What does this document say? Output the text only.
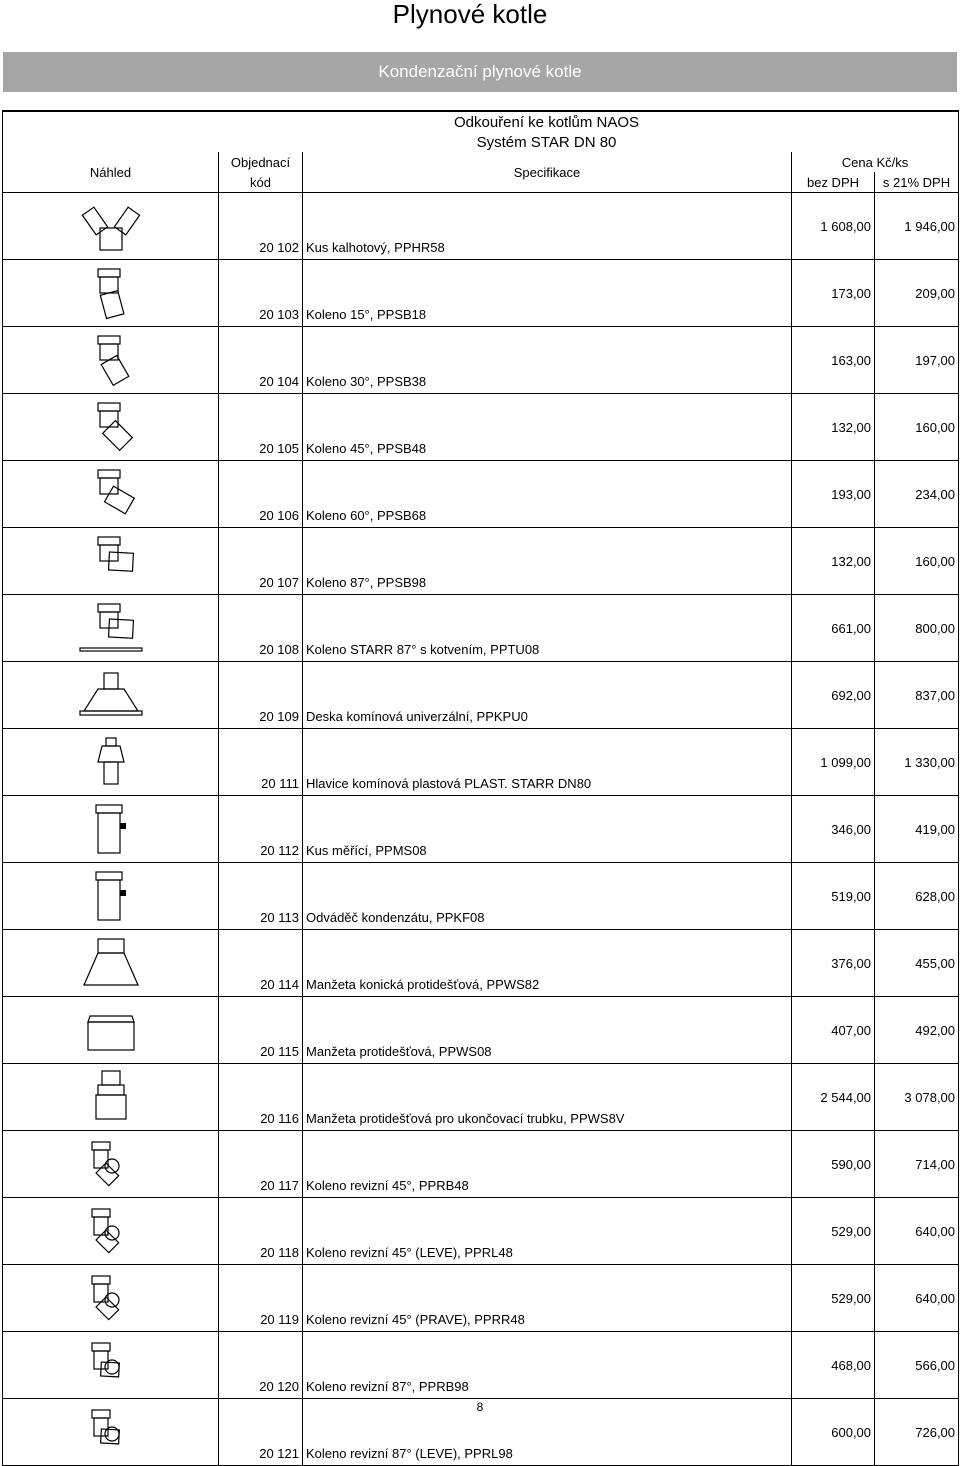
Plynové kotle
Kondenzační plynové kotle
	Odkouření ke kotlům NAOS			
	Systém STAR DN 80			
Náhled	Objednací	Specifikace	Cena Kč/ks	
	kód		bez DPH	s 21% DPH

	20 102	Kus kalhotový, PPHR58	1 608,00	1 946,00

	20 103	Koleno 15°, PPSB18	173,00	209,00

	20 104	Koleno 30°, PPSB38	163,00	197,00

	20 105	Koleno 45°, PPSB48	132,00	160,00

	20 106	Koleno 60°, PPSB68	193,00	234,00

	20 107	Koleno 87°, PPSB98	132,00	160,00

	20 108	Koleno STARR 87° s kotvením, PPTU08	661,00	800,00

	20 109	Deska komínová univerzální, PPKPU0	692,00	837,00

	20 111	Hlavice komínová plastová PLAST. STARR DN80	1 099,00	1 330,00

	20 112	Kus měřící, PPMS08	346,00	419,00

	20 113	Odváděč kondenzátu, PPKF08	519,00	628,00

	20 114	Manžeta konická protidešťová, PPWS82	376,00	455,00

	20 115	Manžeta protidešťová, PPWS08	407,00	492,00

	20 116	Manžeta protidešťová pro ukončovací trubku, PPWS8V	2 544,00	3 078,00

	20 117	Koleno revizní 45°, PPRB48	590,00	714,00

	20 118	Koleno revizní 45° (LEVE), PPRL48	529,00	640,00

	20 119	Koleno revizní 45° (PRAVE), PPRR48	529,00	640,00

	20 120	Koleno revizní 87°, PPRB98	468,00	566,00

	20 121	Koleno revizní 87° (LEVE), PPRL98	600,00	726,00
8
